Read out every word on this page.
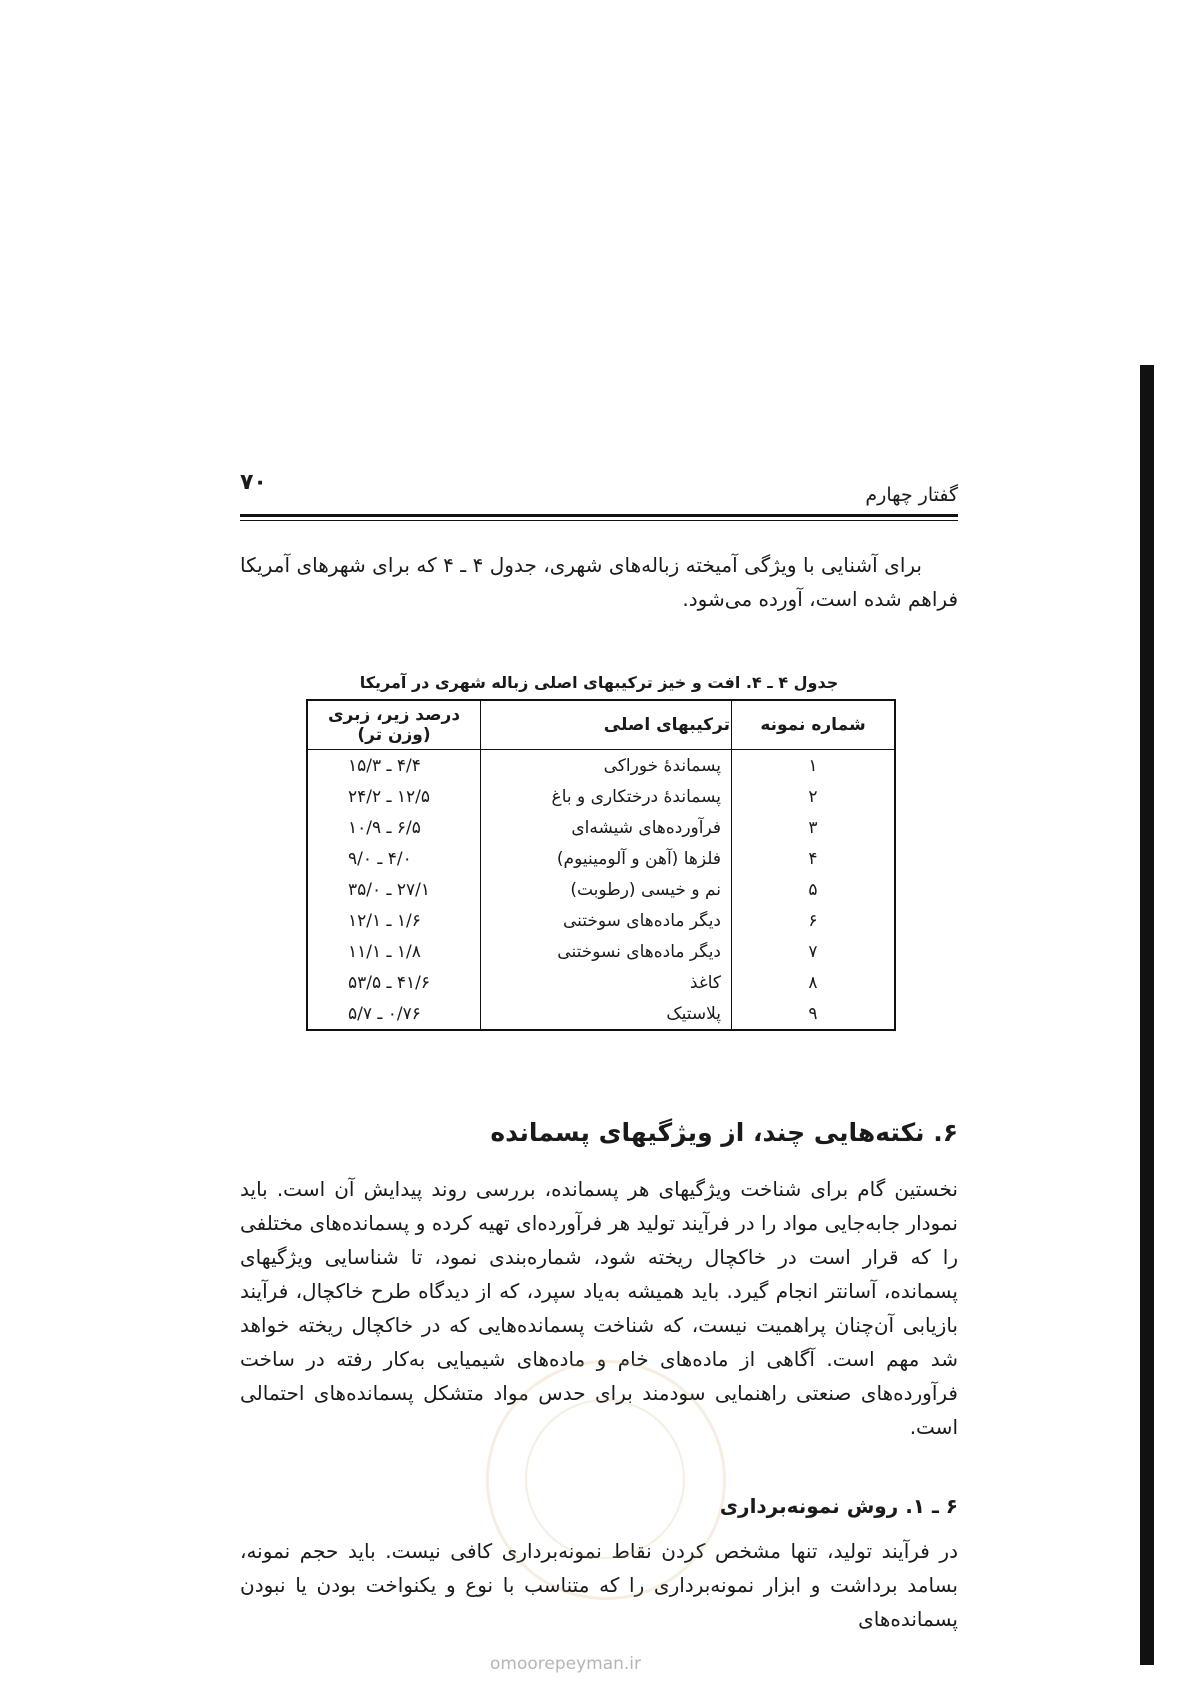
۷۰	گفتار چهارم

برای آشنایی با ویژگی آمیخته زباله‌های شهری، جدول ۴ ـ ۴ که برای شهرهای آمریکا فراهم شده است، آورده می‌شود.

جدول ۴ ـ ۴. افت و خیز ترکیبهای اصلی زباله شهری در آمریکا
شماره نمونه	ترکیبهای اصلی	درصد زیر، زبری (وزن تر)
۱	پسماندهٔ خوراکی	۴/۴ ـ ۱۵/۳
۲	پسماندهٔ درختکاری و باغ	۱۲/۵ ـ ۲۴/۲
۳	فرآورده‌های شیشه‌ای	۶/۵ ـ ۱۰/۹
۴	فلزها (آهن و آلومینیوم)	۴/۰ ـ ۹/۰
۵	نم و خیسی (رطوبت)	۲۷/۱ ـ ۳۵/۰
۶	دیگر ماده‌های سوختنی	۱/۶ ـ ۱۲/۱
۷	دیگر ماده‌های نسوختنی	۱/۸ ـ ۱۱/۱
۸	کاغذ	۴۱/۶ ـ ۵۳/۵
۹	پلاستیک	۰/۷۶ ـ ۵/۷
۶. نکته‌هایی چند، از ویژگیهای پسمانده

نخستین گام برای شناخت ویژگیهای هر پسمانده، بررسی روند پیدایش آن است. باید نمودار جابه‌جایی مواد را در فرآیند تولید هر فرآورده‌ای تهیه کرده و پسمانده‌های مختلفی را که قرار است در خاکچال ریخته شود، شماره‌بندی نمود، تا شناسایی ویژگیهای پسمانده، آسانتر انجام گیرد. باید همیشه به‌یاد سپرد، که از دیدگاه طرح خاکچال، فرآیند بازیابی آن‌چنان پراهمیت نیست، که شناخت پسمانده‌هایی که در خاکچال ریخته خواهد شد مهم است. آگاهی از ماده‌های خام و ماده‌های شیمیایی به‌کار رفته در ساخت فرآورده‌های صنعتی راهنمایی سودمند برای حدس مواد متشکل پسمانده‌های احتمالی است.

۶ ـ ۱. روش نمونه‌برداری

در فرآیند تولید، تنها مشخص کردن نقاط نمونه‌برداری کافی نیست. باید حجم نمونه، بسامد برداشت و ابزار نمونه‌برداری را که متناسب با نوع و یکنواخت بودن یا نبودن پسمانده‌های

omoorepeyman.ir
